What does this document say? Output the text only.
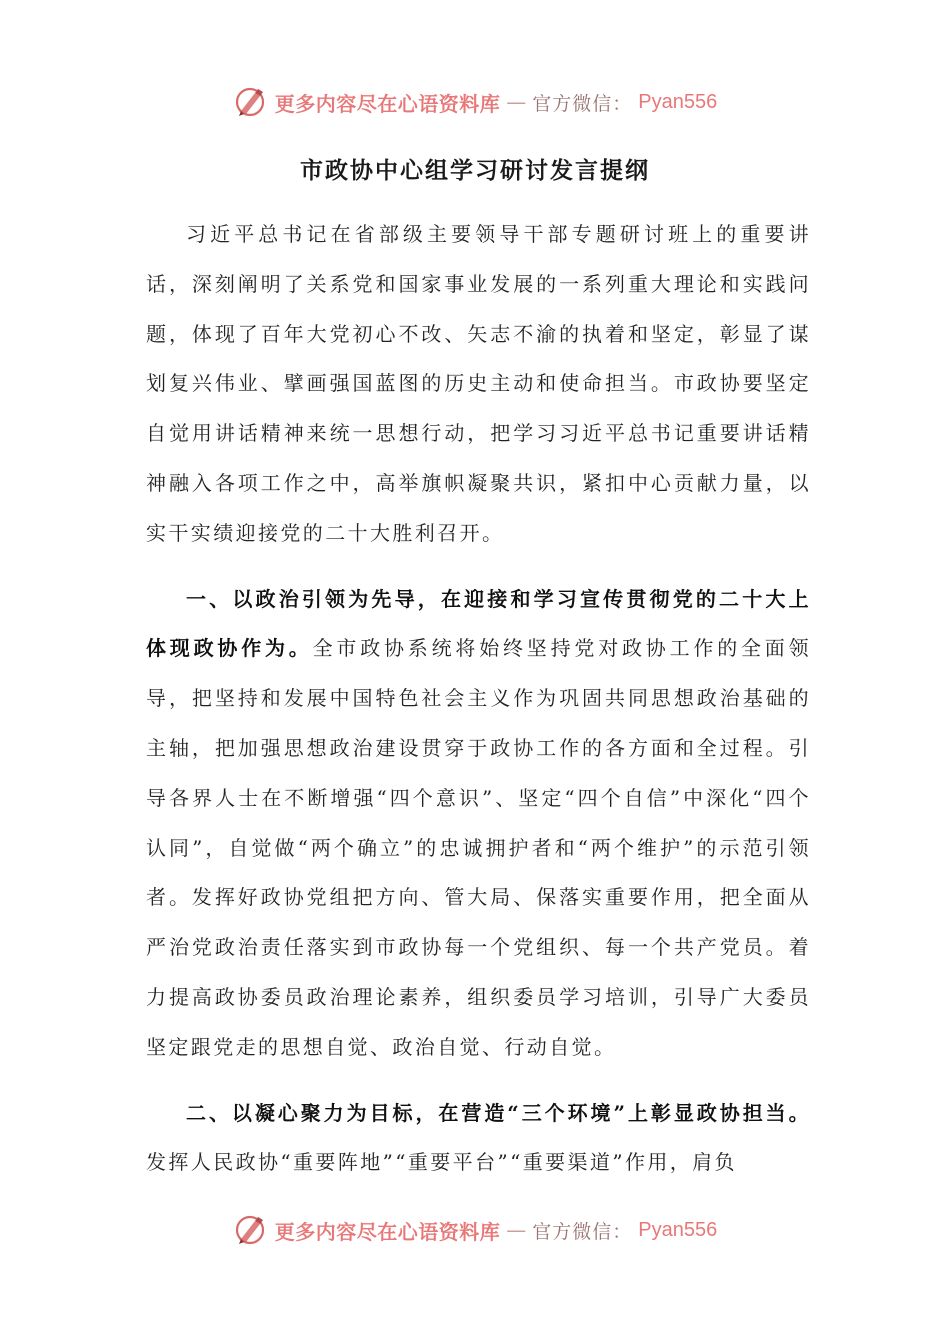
更多内容尽在心语资料库 — 官方微信： Pyan556
市政协中心组学习研讨发言提纲

习近平总书记在省部级主要领导干部专题研讨班上的重要讲话，深刻阐明了关系党和国家事业发展的一系列重大理论和实践问题，体现了百年大党初心不改、矢志不渝的执着和坚定，彰显了谋划复兴伟业、擘画强国蓝图的历史主动和使命担当。市政协要坚定自觉用讲话精神来统一思想行动，把学习习近平总书记重要讲话精神融入各项工作之中，高举旗帜凝聚共识，紧扣中心贡献力量，以实干实绩迎接党的二十大胜利召开。

一、以政治引领为先导，在迎接和学习宣传贯彻党的二十大上体现政协作为。全市政协系统将始终坚持党对政协工作的全面领导，把坚持和发展中国特色社会主义作为巩固共同思想政治基础的主轴，把加强思想政治建设贯穿于政协工作的各方面和全过程。引导各界人士在不断增强“四个意识”、坚定“四个自信”中深化“四个认同”，自觉做“两个确立”的忠诚拥护者和“两个维护”的示范引领者。发挥好政协党组把方向、管大局、保落实重要作用，把全面从严治党政治责任落实到市政协每一个党组织、每一个共产党员。着力提高政协委员政治理论素养，组织委员学习培训，引导广大委员坚定跟党走的思想自觉、政治自觉、行动自觉。

二、以凝心聚力为目标，在营造“三个环境”上彰显政协担当。发挥人民政协“重要阵地”“重要平台”“重要渠道”作用，肩负

更多内容尽在心语资料库 — 官方微信： Pyan556
